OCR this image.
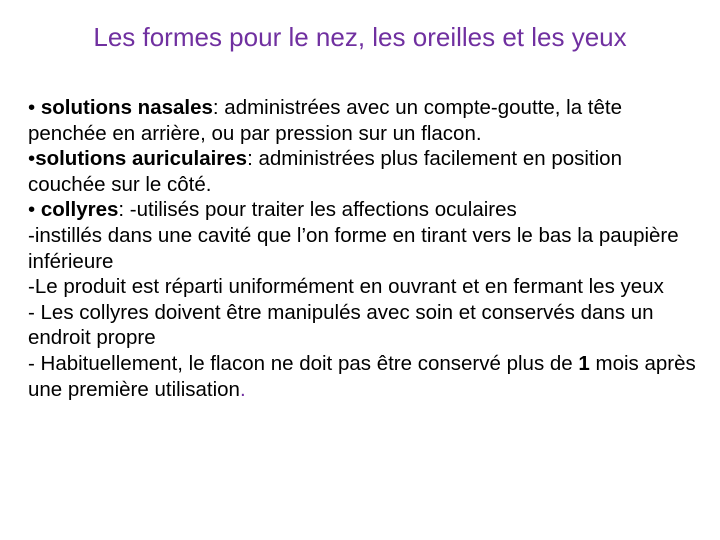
Les formes pour le nez, les oreilles et les yeux

• solutions nasales: administrées avec un compte-goutte, la tête penchée en arrière, ou par pression sur un flacon.

•solutions auriculaires: administrées plus facilement en position couchée sur le côté.

• collyres: -utilisés pour traiter les affections oculaires

-instillés dans une cavité que l’on forme en tirant vers le bas la paupière inférieure

-Le produit est réparti uniformément en ouvrant et en fermant les yeux

- Les collyres doivent être manipulés avec soin et conservés dans un endroit propre

- Habituellement, le flacon ne doit pas être conservé plus de 1 mois après une première utilisation.
